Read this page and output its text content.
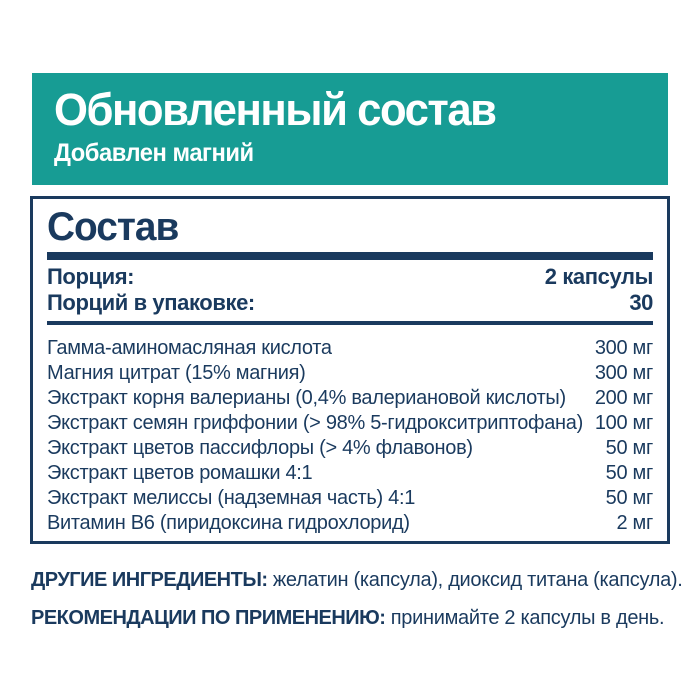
Обновленный состав
Добавлен магний
Состав
Порция:	2 капсулы
Порций в упаковке:	30
Гамма-аминомасляная кислота	300 мг
Магния цитрат (15% магния)	300 мг
Экстракт корня валерианы (0,4% валериановой кислоты) 200 мг
Экстракт семян гриффонии (> 98% 5-гидрокситриптофана) 100 мг
Экстракт цветов пассифлоры (> 4% флавонов)	50 мг
Экстракт цветов ромашки 4:1	50 мг
Экстракт мелиссы (надземная часть) 4:1	50 мг
Витамин B6 (пиридоксина гидрохлорид)	2 мг
ДРУГИЕ ИНГРЕДИЕНТЫ: желатин (капсула), диоксид титана (капсула).
РЕКОМЕНДАЦИИ ПО ПРИМЕНЕНИЮ: принимайте 2 капсулы в день.
